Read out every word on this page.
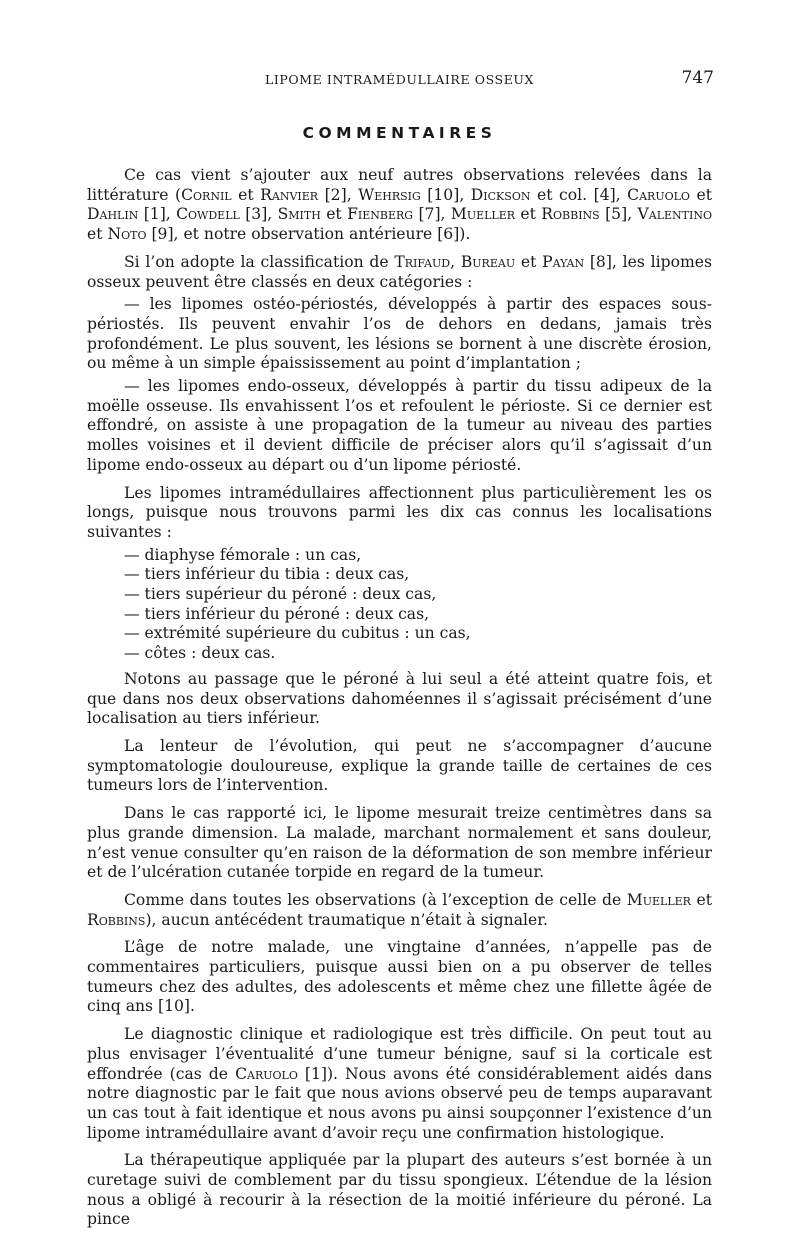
LIPOME INTRAMÉDULLAIRE OSSEUX	747
COMMENTAIRES

Ce cas vient s’ajouter aux neuf autres observations relevées dans la littérature (Cornil et Ranvier [2], Wehrsig [10], Dickson et col. [4], Caruolo et Dahlin [1], Cowdell [3], Smith et Fienberg [7], Mueller et Robbins [5], Valentino et Noto [9], et notre observation antérieure [6]).

Si l’on adopte la classification de Trifaud, Bureau et Payan [8], les lipomes osseux peuvent être classés en deux catégories :

— les lipomes ostéo-périostés, développés à partir des espaces sous-périostés. Ils peuvent envahir l’os de dehors en dedans, jamais très profondément. Le plus souvent, les lésions se bornent à une discrète érosion, ou même à un simple épaississement au point d’implantation ;

— les lipomes endo-osseux, développés à partir du tissu adipeux de la moëlle osseuse. Ils envahissent l’os et refoulent le périoste. Si ce dernier est effondré, on assiste à une propagation de la tumeur au niveau des parties molles voisines et il devient difficile de préciser alors qu’il s’agissait d’un lipome endo-osseux au départ ou d’un lipome périosté.

Les lipomes intramédullaires affectionnent plus particulièrement les os longs, puisque nous trouvons parmi les dix cas connus les localisations suivantes :

— diaphyse fémorale : un cas,
— tiers inférieur du tibia : deux cas,
— tiers supérieur du péroné : deux cas,
— tiers inférieur du péroné : deux cas,
— extrémité supérieure du cubitus : un cas,
— côtes : deux cas.

Notons au passage que le péroné à lui seul a été atteint quatre fois, et que dans nos deux observations dahoméennes il s’agissait précisément d’une localisation au tiers inférieur.

La lenteur de l’évolution, qui peut ne s’accompagner d’aucune symptomatologie douloureuse, explique la grande taille de certaines de ces tumeurs lors de l’intervention.

Dans le cas rapporté ici, le lipome mesurait treize centimètres dans sa plus grande dimension. La malade, marchant normalement et sans douleur, n’est venue consulter qu’en raison de la déformation de son membre inférieur et de l’ulcération cutanée torpide en regard de la tumeur.

Comme dans toutes les observations (à l’exception de celle de Mueller et Robbins), aucun antécédent traumatique n’était à signaler.

L’âge de notre malade, une vingtaine d’années, n’appelle pas de commentaires particuliers, puisque aussi bien on a pu observer de telles tumeurs chez des adultes, des adolescents et même chez une fillette âgée de cinq ans [10].

Le diagnostic clinique et radiologique est très difficile. On peut tout au plus envisager l’éventualité d’une tumeur bénigne, sauf si la corticale est effondrée (cas de Caruolo [1]). Nous avons été considérablement aidés dans notre diagnostic par le fait que nous avions observé peu de temps auparavant un cas tout à fait identique et nous avons pu ainsi soupçonner l’existence d’un lipome intramédullaire avant d’avoir reçu une confirmation histologique.

La thérapeutique appliquée par la plupart des auteurs s’est bornée à un curetage suivi de comblement par du tissu spongieux. L’étendue de la lésion nous a obligé à recourir à la résection de la moitié inférieure du péroné. La pince
